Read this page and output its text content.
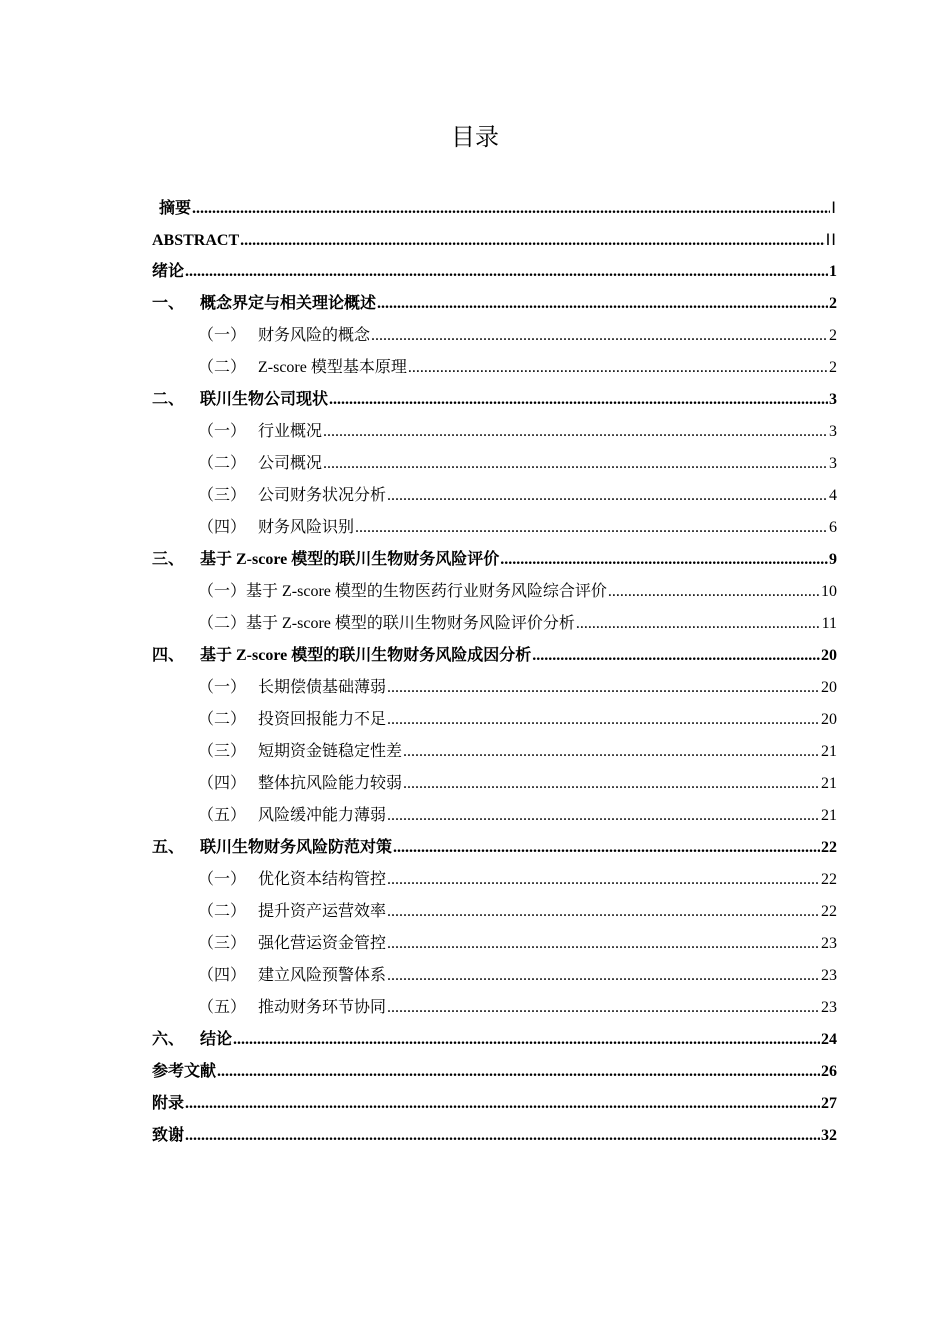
目录
摘要 .....	I
ABSTRACT .....	II
绪论 .....	1
一、 概念界定与相关理论概述 .....	2
（一） 财务风险的概念 .....	2
（二） Z-score 模型基本原理 .....	2
二、 联川生物公司现状 .....	3
（一） 行业概况 .....	3
（二） 公司概况 .....	3
（三） 公司财务状况分析 .....	4
（四） 财务风险识别 .....	6
三、 基于 Z-score 模型的联川生物财务风险评价 .....	9
（一） 基于 Z-score 模型的生物医药行业财务风险综合评价 .....	10
（二） 基于 Z-score 模型的联川生物财务风险评价分析 .....	11
四、 基于 Z-score 模型的联川生物财务风险成因分析 .....	20
（一） 长期偿债基础薄弱 .....	20
（二） 投资回报能力不足 .....	20
（三） 短期资金链稳定性差 .....	21
（四） 整体抗风险能力较弱 .....	21
（五） 风险缓冲能力薄弱 .....	21
五、 联川生物财务风险防范对策 .....	22
（一） 优化资本结构管控 .....	22
（二） 提升资产运营效率 .....	22
（三） 强化营运资金管控 .....	23
（四） 建立风险预警体系 .....	23
（五） 推动财务环节协同 .....	23
六、 结论 .....	24
参考文献 .....	26
附录 .....	27
致谢 .....	32
